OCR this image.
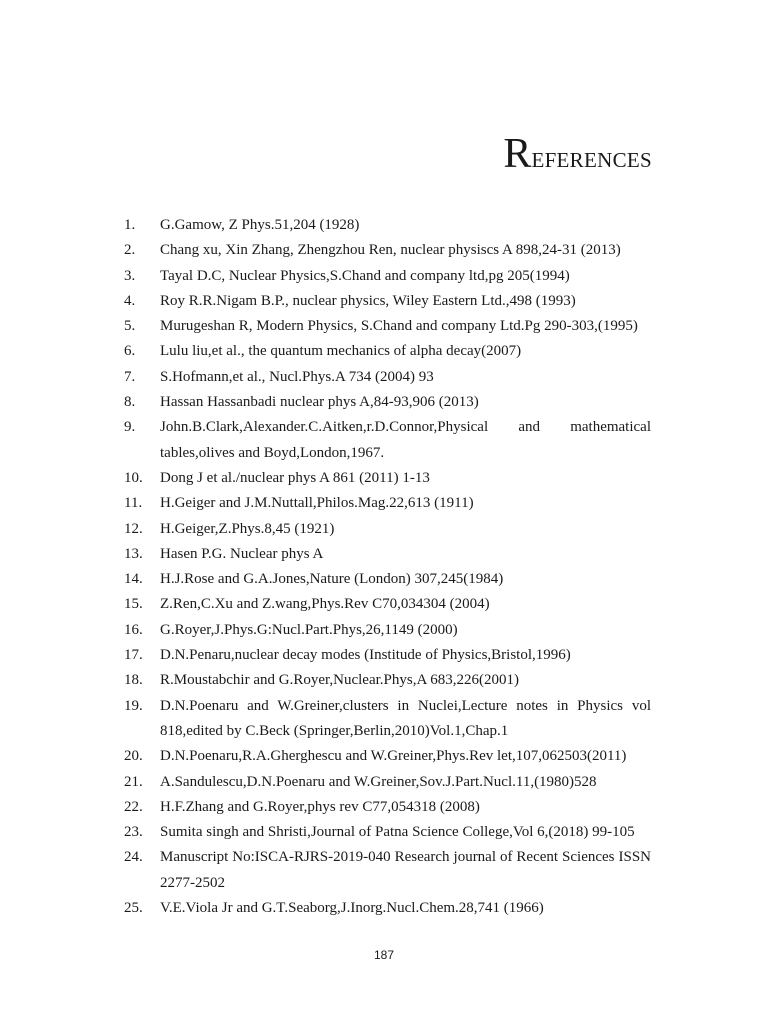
REFERENCES
1. G.Gamow, Z Phys.51,204 (1928)
2. Chang xu, Xin Zhang, Zhengzhou Ren, nuclear physiscs A 898,24-31 (2013)
3. Tayal D.C, Nuclear Physics,S.Chand and company ltd,pg 205(1994)
4. Roy R.R.Nigam B.P., nuclear physics, Wiley Eastern Ltd.,498 (1993)
5. Murugeshan R, Modern Physics, S.Chand and company Ltd.Pg 290-303,(1995)
6. Lulu liu,et al., the quantum mechanics of alpha decay(2007)
7. S.Hofmann,et al., Nucl.Phys.A 734 (2004) 93
8. Hassan Hassanbadi nuclear phys A,84-93,906 (2013)
9. John.B.Clark,Alexander.C.Aitken,r.D.Connor,Physical and mathematical tables,olives and Boyd,London,1967.
10. Dong J et al./nuclear phys A 861 (2011) 1-13
11. H.Geiger and J.M.Nuttall,Philos.Mag.22,613 (1911)
12. H.Geiger,Z.Phys.8,45 (1921)
13. Hasen P.G. Nuclear phys A
14. H.J.Rose and G.A.Jones,Nature (London) 307,245(1984)
15. Z.Ren,C.Xu and Z.wang,Phys.Rev C70,034304 (2004)
16. G.Royer,J.Phys.G:Nucl.Part.Phys,26,1149 (2000)
17. D.N.Penaru,nuclear decay modes (Institude of Physics,Bristol,1996)
18. R.Moustabchir and G.Royer,Nuclear.Phys,A 683,226(2001)
19. D.N.Poenaru and W.Greiner,clusters in Nuclei,Lecture notes in Physics vol 818,edited by C.Beck (Springer,Berlin,2010)Vol.1,Chap.1
20. D.N.Poenaru,R.A.Gherghescu and W.Greiner,Phys.Rev let,107,062503(2011)
21. A.Sandulescu,D.N.Poenaru and W.Greiner,Sov.J.Part.Nucl.11,(1980)528
22. H.F.Zhang and G.Royer,phys rev C77,054318 (2008)
23. Sumita singh and Shristi,Journal of Patna Science College,Vol 6,(2018) 99-105
24. Manuscript No:ISCA-RJRS-2019-040 Research journal of Recent Sciences ISSN 2277-2502
25. V.E.Viola Jr and G.T.Seaborg,J.Inorg.Nucl.Chem.28,741 (1966)
187
